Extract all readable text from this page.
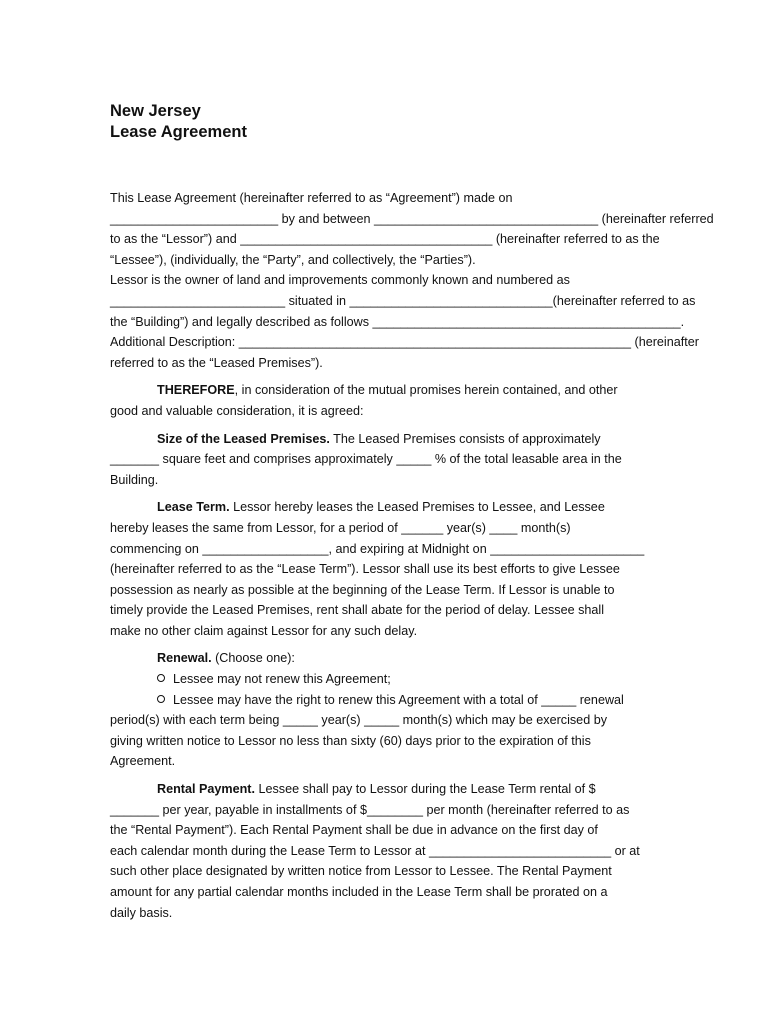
New Jersey
Lease Agreement

This Lease Agreement (hereinafter referred to as “Agreement”) made on
________________________ by and between ________________________________ (hereinafter referred
to as the “Lessor”) and ____________________________________ (hereinafter referred to as the
“Lessee”), (individually, the “Party”, and collectively, the “Parties”).
Lessor is the owner of land and improvements commonly known and numbered as
_________________________ situated in _____________________________(hereinafter referred to as
the “Building”) and legally described as follows ____________________________________________.
Additional Description: ________________________________________________________ (hereinafter
referred to as the “Leased Premises”).

THEREFORE, in consideration of the mutual promises herein contained, and other
good and valuable consideration, it is agreed:

Size of the Leased Premises. The Leased Premises consists of approximately
_______ square feet and comprises approximately _____ % of the total leasable area in the
Building.

Lease Term. Lessor hereby leases the Leased Premises to Lessee, and Lessee
hereby leases the same from Lessor, for a period of ______ year(s) ____ month(s)
commencing on __________________, and expiring at Midnight on ______________________
(hereinafter referred to as the “Lease Term”). Lessor shall use its best efforts to give Lessee
possession as nearly as possible at the beginning of the Lease Term. If Lessor is unable to
timely provide the Leased Premises, rent shall abate for the period of delay. Lessee shall
make no other claim against Lessor for any such delay.

Renewal. (Choose one):
Lessee may not renew this Agreement;
Lessee may have the right to renew this Agreement with a total of _____ renewal
period(s) with each term being _____ year(s) _____ month(s) which may be exercised by
giving written notice to Lessor no less than sixty (60) days prior to the expiration of this
Agreement.

Rental Payment. Lessee shall pay to Lessor during the Lease Term rental of $
_______ per year, payable in installments of $________ per month (hereinafter referred to as
the “Rental Payment”). Each Rental Payment shall be due in advance on the first day of
each calendar month during the Lease Term to Lessor at __________________________ or at
such other place designated by written notice from Lessor to Lessee. The Rental Payment
amount for any partial calendar months included in the Lease Term shall be prorated on a
daily basis.
